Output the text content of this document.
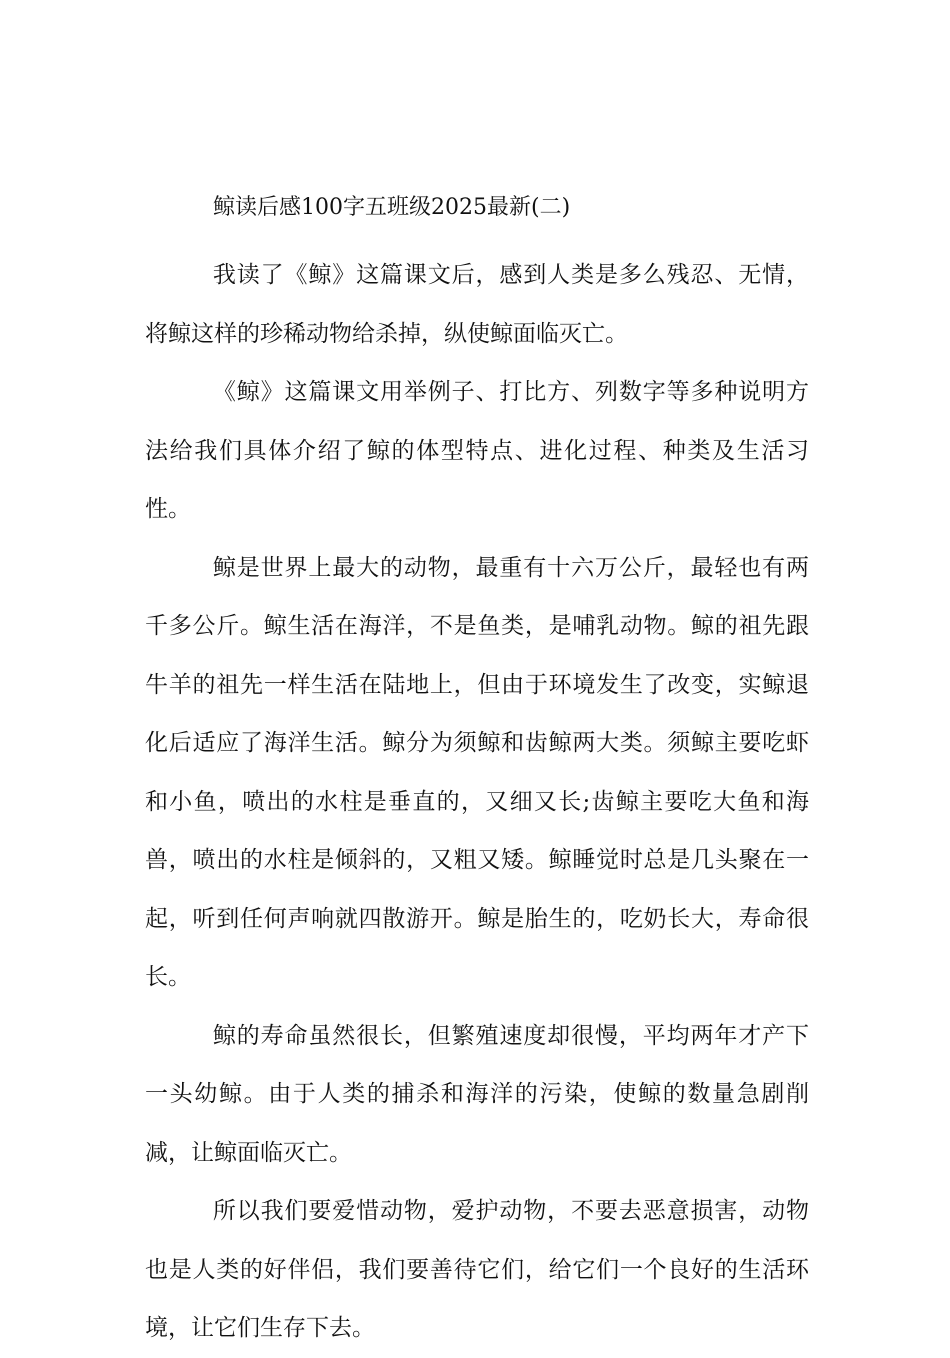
鲸读后感100字五班级2025最新(二)

我读了《鲸》这篇课文后，感到人类是多么残忍、无情，将鲸这样的珍稀动物给杀掉，纵使鲸面临灭亡。

《鲸》这篇课文用举例子、打比方、列数字等多种说明方法给我们具体介绍了鲸的体型特点、进化过程、种类及生活习性。

鲸是世界上最大的动物，最重有十六万公斤，最轻也有两千多公斤。鲸生活在海洋，不是鱼类，是哺乳动物。鲸的祖先跟牛羊的祖先一样生活在陆地上，但由于环境发生了改变，实鲸退化后适应了海洋生活。鲸分为须鲸和齿鲸两大类。须鲸主要吃虾和小鱼，喷出的水柱是垂直的，又细又长;齿鲸主要吃大鱼和海兽，喷出的水柱是倾斜的，又粗又矮。鲸睡觉时总是几头聚在一起，听到任何声响就四散游开。鲸是胎生的，吃奶长大，寿命很长。

鲸的寿命虽然很长，但繁殖速度却很慢，平均两年才产下一头幼鲸。由于人类的捕杀和海洋的污染，使鲸的数量急剧削减，让鲸面临灭亡。

所以我们要爱惜动物，爱护动物，不要去恶意损害，动物也是人类的好伴侣，我们要善待它们，给它们一个良好的生活环境，让它们生存下去。
